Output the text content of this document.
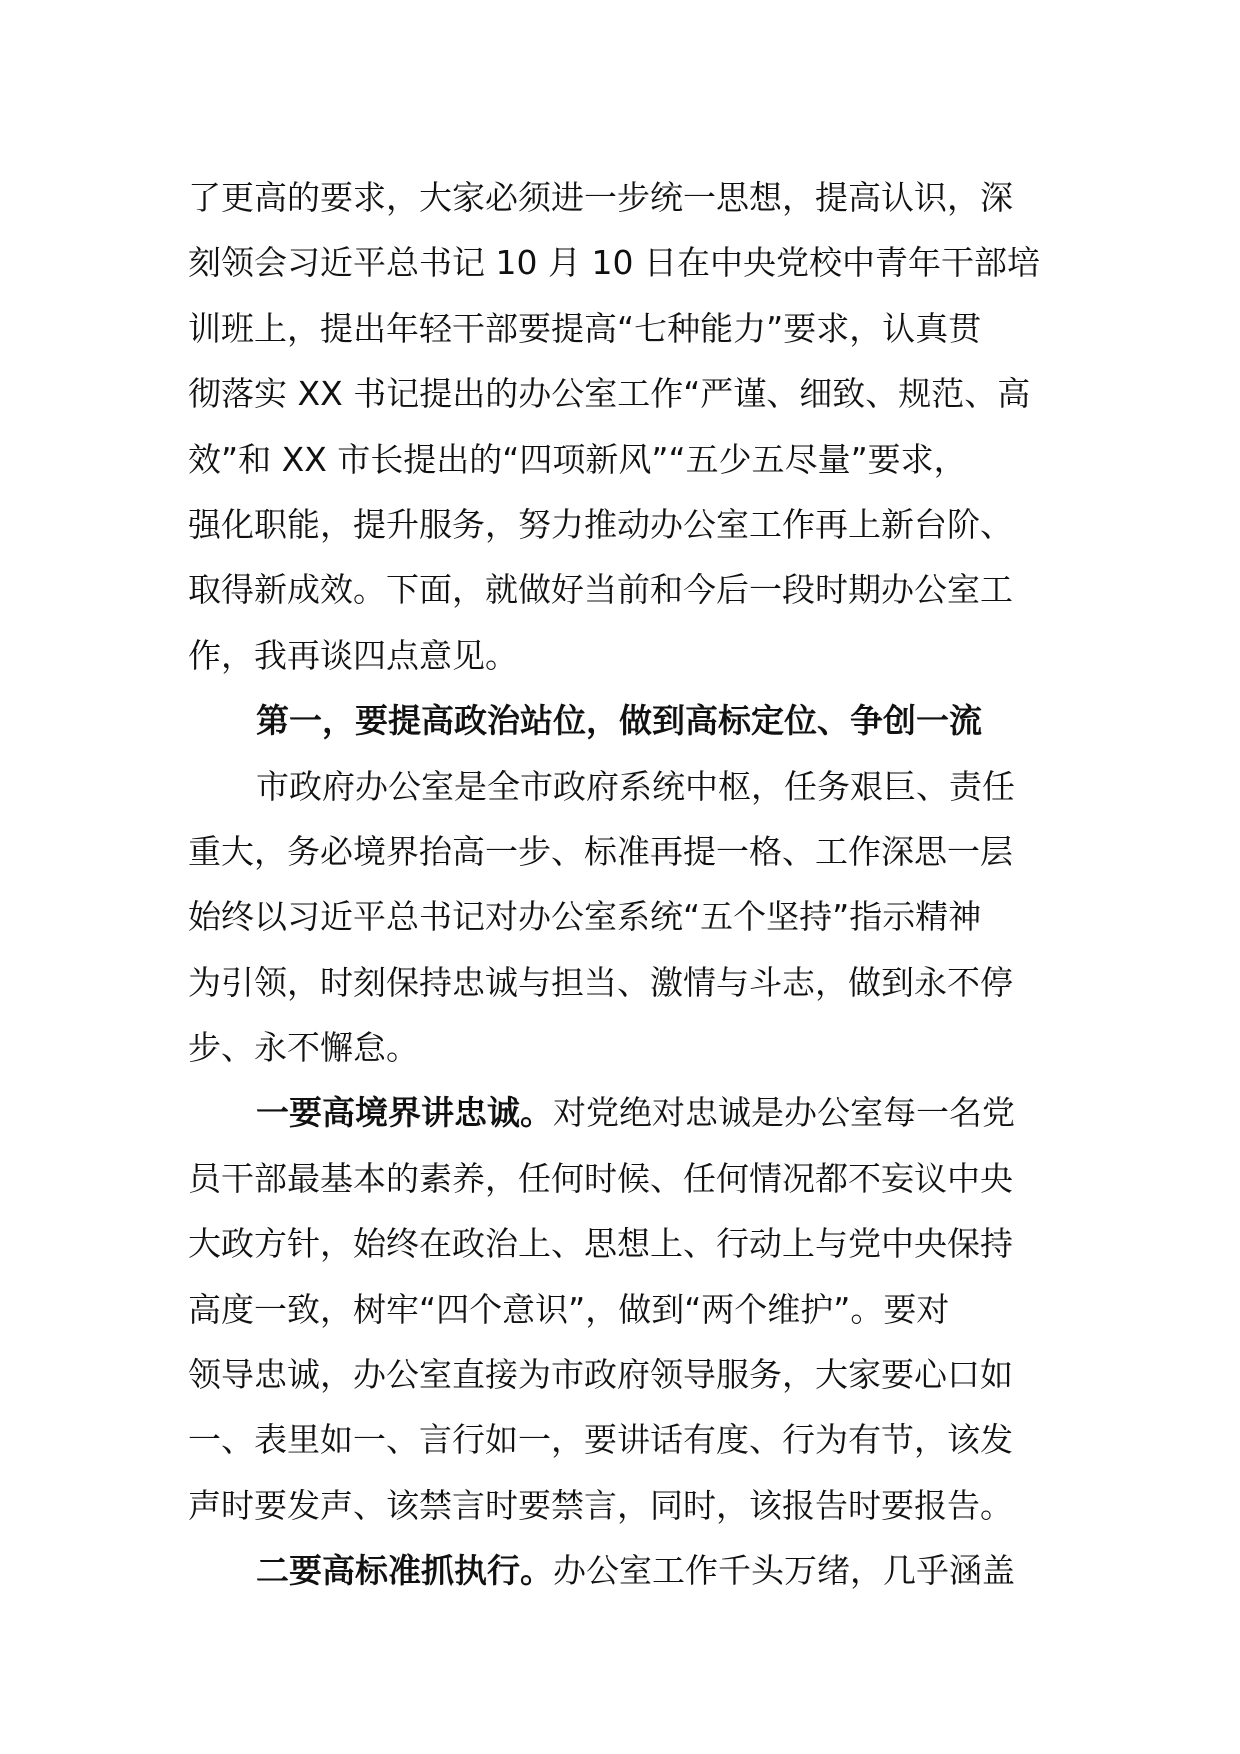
了更高的要求，大家必须进一步统一思想，提高认识，深
刻领会习近平总书记 10 月 10 日在中央党校中青年干部培
训班上，提出年轻干部要提高“七种能力”要求，认真贯
彻落实 XX 书记提出的办公室工作“严谨、细致、规范、高
效”和 XX 市长提出的“四项新风”“五少五尽量”要求，
强化职能，提升服务，努力推动办公室工作再上新台阶、
取得新成效。下面，就做好当前和今后一段时期办公室工
作，我再谈四点意见。
第一，要提高政治站位，做到高标定位、争创一流
市政府办公室是全市政府系统中枢，任务艰巨、责任
重大，务必境界抬高一步、标准再提一格、工作深思一层
始终以习近平总书记对办公室系统“五个坚持”指示精神
为引领，时刻保持忠诚与担当、激情与斗志，做到永不停
步、永不懈怠。
一要高境界讲忠诚。对党绝对忠诚是办公室每一名党
员干部最基本的素养，任何时候、任何情况都不妄议中央
大政方针，始终在政治上、思想上、行动上与党中央保持
高度一致，树牢“四个意识”，做到“两个维护”。要对
领导忠诚，办公室直接为市政府领导服务，大家要心口如
一、表里如一、言行如一，要讲话有度、行为有节，该发
声时要发声、该禁言时要禁言，同时，该报告时要报告。
二要高标准抓执行。办公室工作千头万绪，几乎涵盖
